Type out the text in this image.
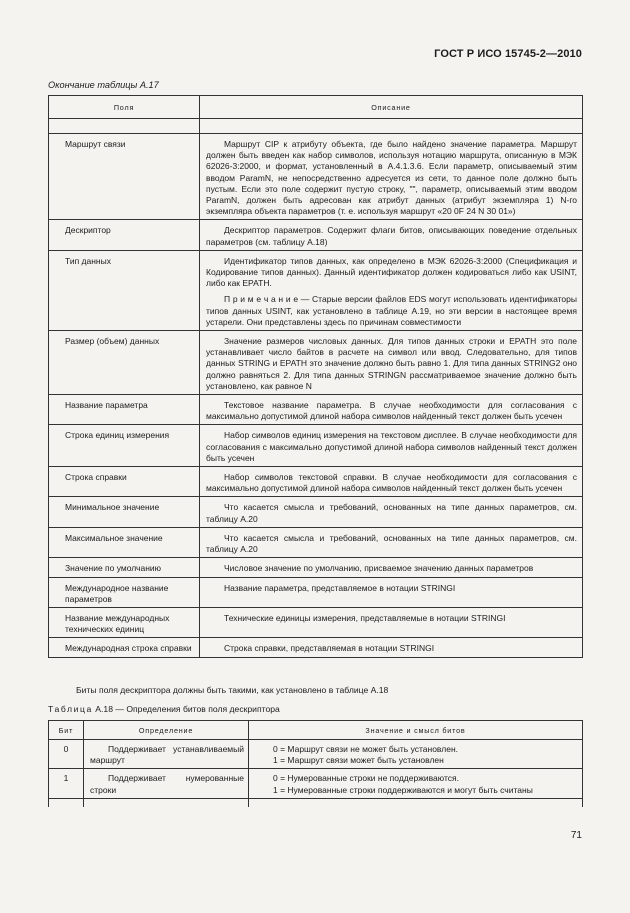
ГОСТ Р ИСО 15745-2—2010
Окончание таблицы А.17
Поля	Описание

Маршрут связи	Маршрут CIP к атрибуту объекта, где было найдено значение параметра. Маршрут должен быть введен как набор символов, используя нотацию маршрута, описанную в МЭК 62026-3:2000, и формат, установленный в А.4.1.3.6. Если параметр, описываемый этим вводом ParamN, не непосредственно адресуется из сети, то данное поле должно быть пустым. Если это поле содержит пустую строку, "", параметр, описываемый этим вводом ParamN, должен быть адресован как атрибут данных (атрибут экземпляра 1) N-го экземпляра объекта параметров (т. е. используя маршрут «20 0F 24 N 30 01»)
Дескриптор	Дескриптор параметров. Содержит флаги битов, описывающих поведение отдельных параметров (см. таблицу А.18)
Тип данных	Идентификатор типов данных, как определено в МЭК 62026-3:2000 (Спецификация и Кодирование типов данных). Данный идентификатор должен кодироваться либо как USINT, либо как EPATH.
П р и м е ч а н и е — Старые версии файлов EDS могут использовать идентификаторы типов данных USINT, как установлено в таблице А.19, но эти версии в настоящее время устарели. Они представлены здесь по причинам совместимости

Размер (объем) данных	Значение размеров числовых данных. Для типов данных строки и EPATH это поле устанавливает число байтов в расчете на символ или ввод. Следовательно, для типов данных STRING и EPATH это значение должно быть равно 1. Для типа данных STRING2 оно должно равняться 2. Для типа данных STRINGN рассматриваемое значение должно быть установлено, как равное N
Название параметра	Текстовое название параметра. В случае необходимости для согласования с максимально допустимой длиной набора символов найденный текст должен быть усечен
Строка единиц измерения	Набор символов единиц измерения на текстовом дисплее. В случае необходимости для согласования с максимально допустимой длиной набора символов найденный текст должен быть усечен
Строка справки	Набор символов текстовой справки. В случае необходимости для согласования с максимально допустимой длиной набора символов найденный текст должен быть усечен
Минимальное значение	Что касается смысла и требований, основанных на типе данных параметров, см. таблицу А.20
Максимальное значение	Что касается смысла и требований, основанных на типе данных параметров, см. таблицу А.20
Значение по умолчанию	Числовое значение по умолчанию, присваемое значению данных параметров
Международное название параметров	Название параметра, представляемое в нотации STRINGI
Название международных технических единиц	Технические единицы измерения, представляемые в нотации STRINGI
Международная строка справки	Строка справки, представляемая в нотации STRINGI
Биты поля дескриптора должны быть такими, как установлено в таблице А.18
Таблица А.18 — Определения битов поля дескриптора
Бит	Определение	Значение и смысл битов
0	Поддерживает устанавливаемый маршрут	0 = Маршрут связи не может быть установлен.
1 = Маршрут связи может быть установлен

1	Поддерживает нумерованные строки	0 = Нумерованные строки не поддерживаются.
1 = Нумерованные строки поддерживаются и могут быть считаны

71
